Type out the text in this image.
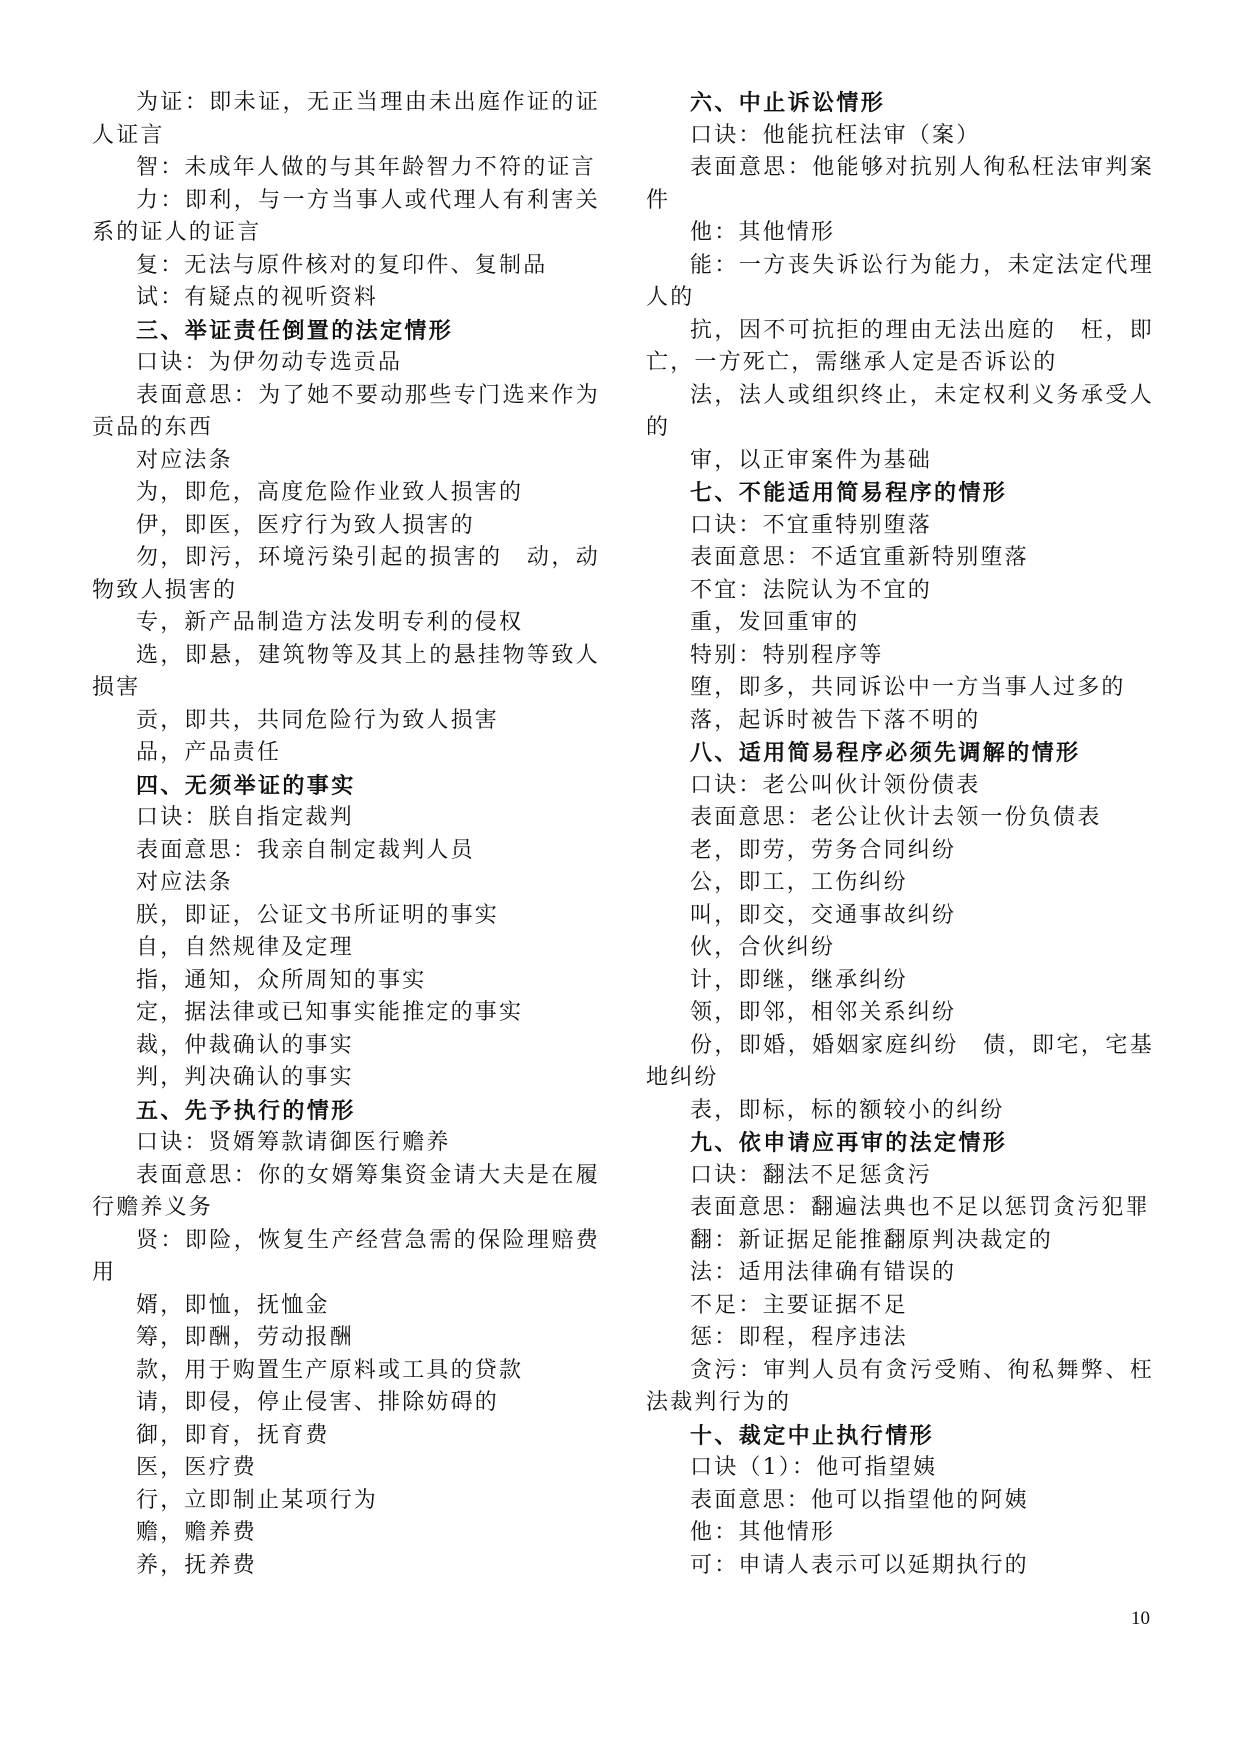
为证：即未证，无正当理由未出庭作证的证人证言

智：未成年人做的与其年龄智力不符的证言

力：即利，与一方当事人或代理人有利害关系的证人的证言

复：无法与原件核对的复印件、复制品

试：有疑点的视听资料

三、举证责任倒置的法定情形

口诀：为伊勿动专选贡品

表面意思：为了她不要动那些专门选来作为贡品的东西

对应法条

为，即危，高度危险作业致人损害的

伊，即医，医疗行为致人损害的

勿，即污，环境污染引起的损害的　动，动物致人损害的

专，新产品制造方法发明专利的侵权

选，即悬，建筑物等及其上的悬挂物等致人损害

贡，即共，共同危险行为致人损害

品，产品责任

四、无须举证的事实

口诀：朕自指定裁判

表面意思：我亲自制定裁判人员

对应法条

朕，即证，公证文书所证明的事实

自，自然规律及定理

指，通知，众所周知的事实

定，据法律或已知事实能推定的事实

裁，仲裁确认的事实

判，判决确认的事实

五、先予执行的情形

口诀：贤婿筹款请御医行赡养

表面意思：你的女婿筹集资金请大夫是在履行赡养义务

贤：即险，恢复生产经营急需的保险理赔费用

婿，即恤，抚恤金

筹，即酬，劳动报酬

款，用于购置生产原料或工具的贷款

请，即侵，停止侵害、排除妨碍的

御，即育，抚育费

医，医疗费

行，立即制止某项行为

赡，赡养费

养，抚养费

六、中止诉讼情形

口诀：他能抗枉法审（案）

表面意思：他能够对抗别人徇私枉法审判案件

他：其他情形

能：一方丧失诉讼行为能力，未定法定代理人的

抗，因不可抗拒的理由无法出庭的　枉，即亡，一方死亡，需继承人定是否诉讼的

法，法人或组织终止，未定权利义务承受人的

审，以正审案件为基础

七、不能适用简易程序的情形

口诀：不宜重特别堕落

表面意思：不适宜重新特别堕落

不宜：法院认为不宜的

重，发回重审的

特别：特别程序等

堕，即多，共同诉讼中一方当事人过多的

落，起诉时被告下落不明的

八、适用简易程序必须先调解的情形

口诀：老公叫伙计领份债表

表面意思：老公让伙计去领一份负债表

老，即劳，劳务合同纠纷

公，即工，工伤纠纷

叫，即交，交通事故纠纷

伙，合伙纠纷

计，即继，继承纠纷

领，即邻，相邻关系纠纷

份，即婚，婚姻家庭纠纷　债，即宅，宅基地纠纷

表，即标，标的额较小的纠纷

九、依申请应再审的法定情形

口诀：翻法不足惩贪污

表面意思：翻遍法典也不足以惩罚贪污犯罪

翻：新证据足能推翻原判决裁定的

法：适用法律确有错误的

不足：主要证据不足

惩：即程，程序违法

贪污：审判人员有贪污受贿、徇私舞弊、枉法裁判行为的

十、裁定中止执行情形

口诀（1）：他可指望姨

表面意思：他可以指望他的阿姨

他：其他情形

可：申请人表示可以延期执行的

10
